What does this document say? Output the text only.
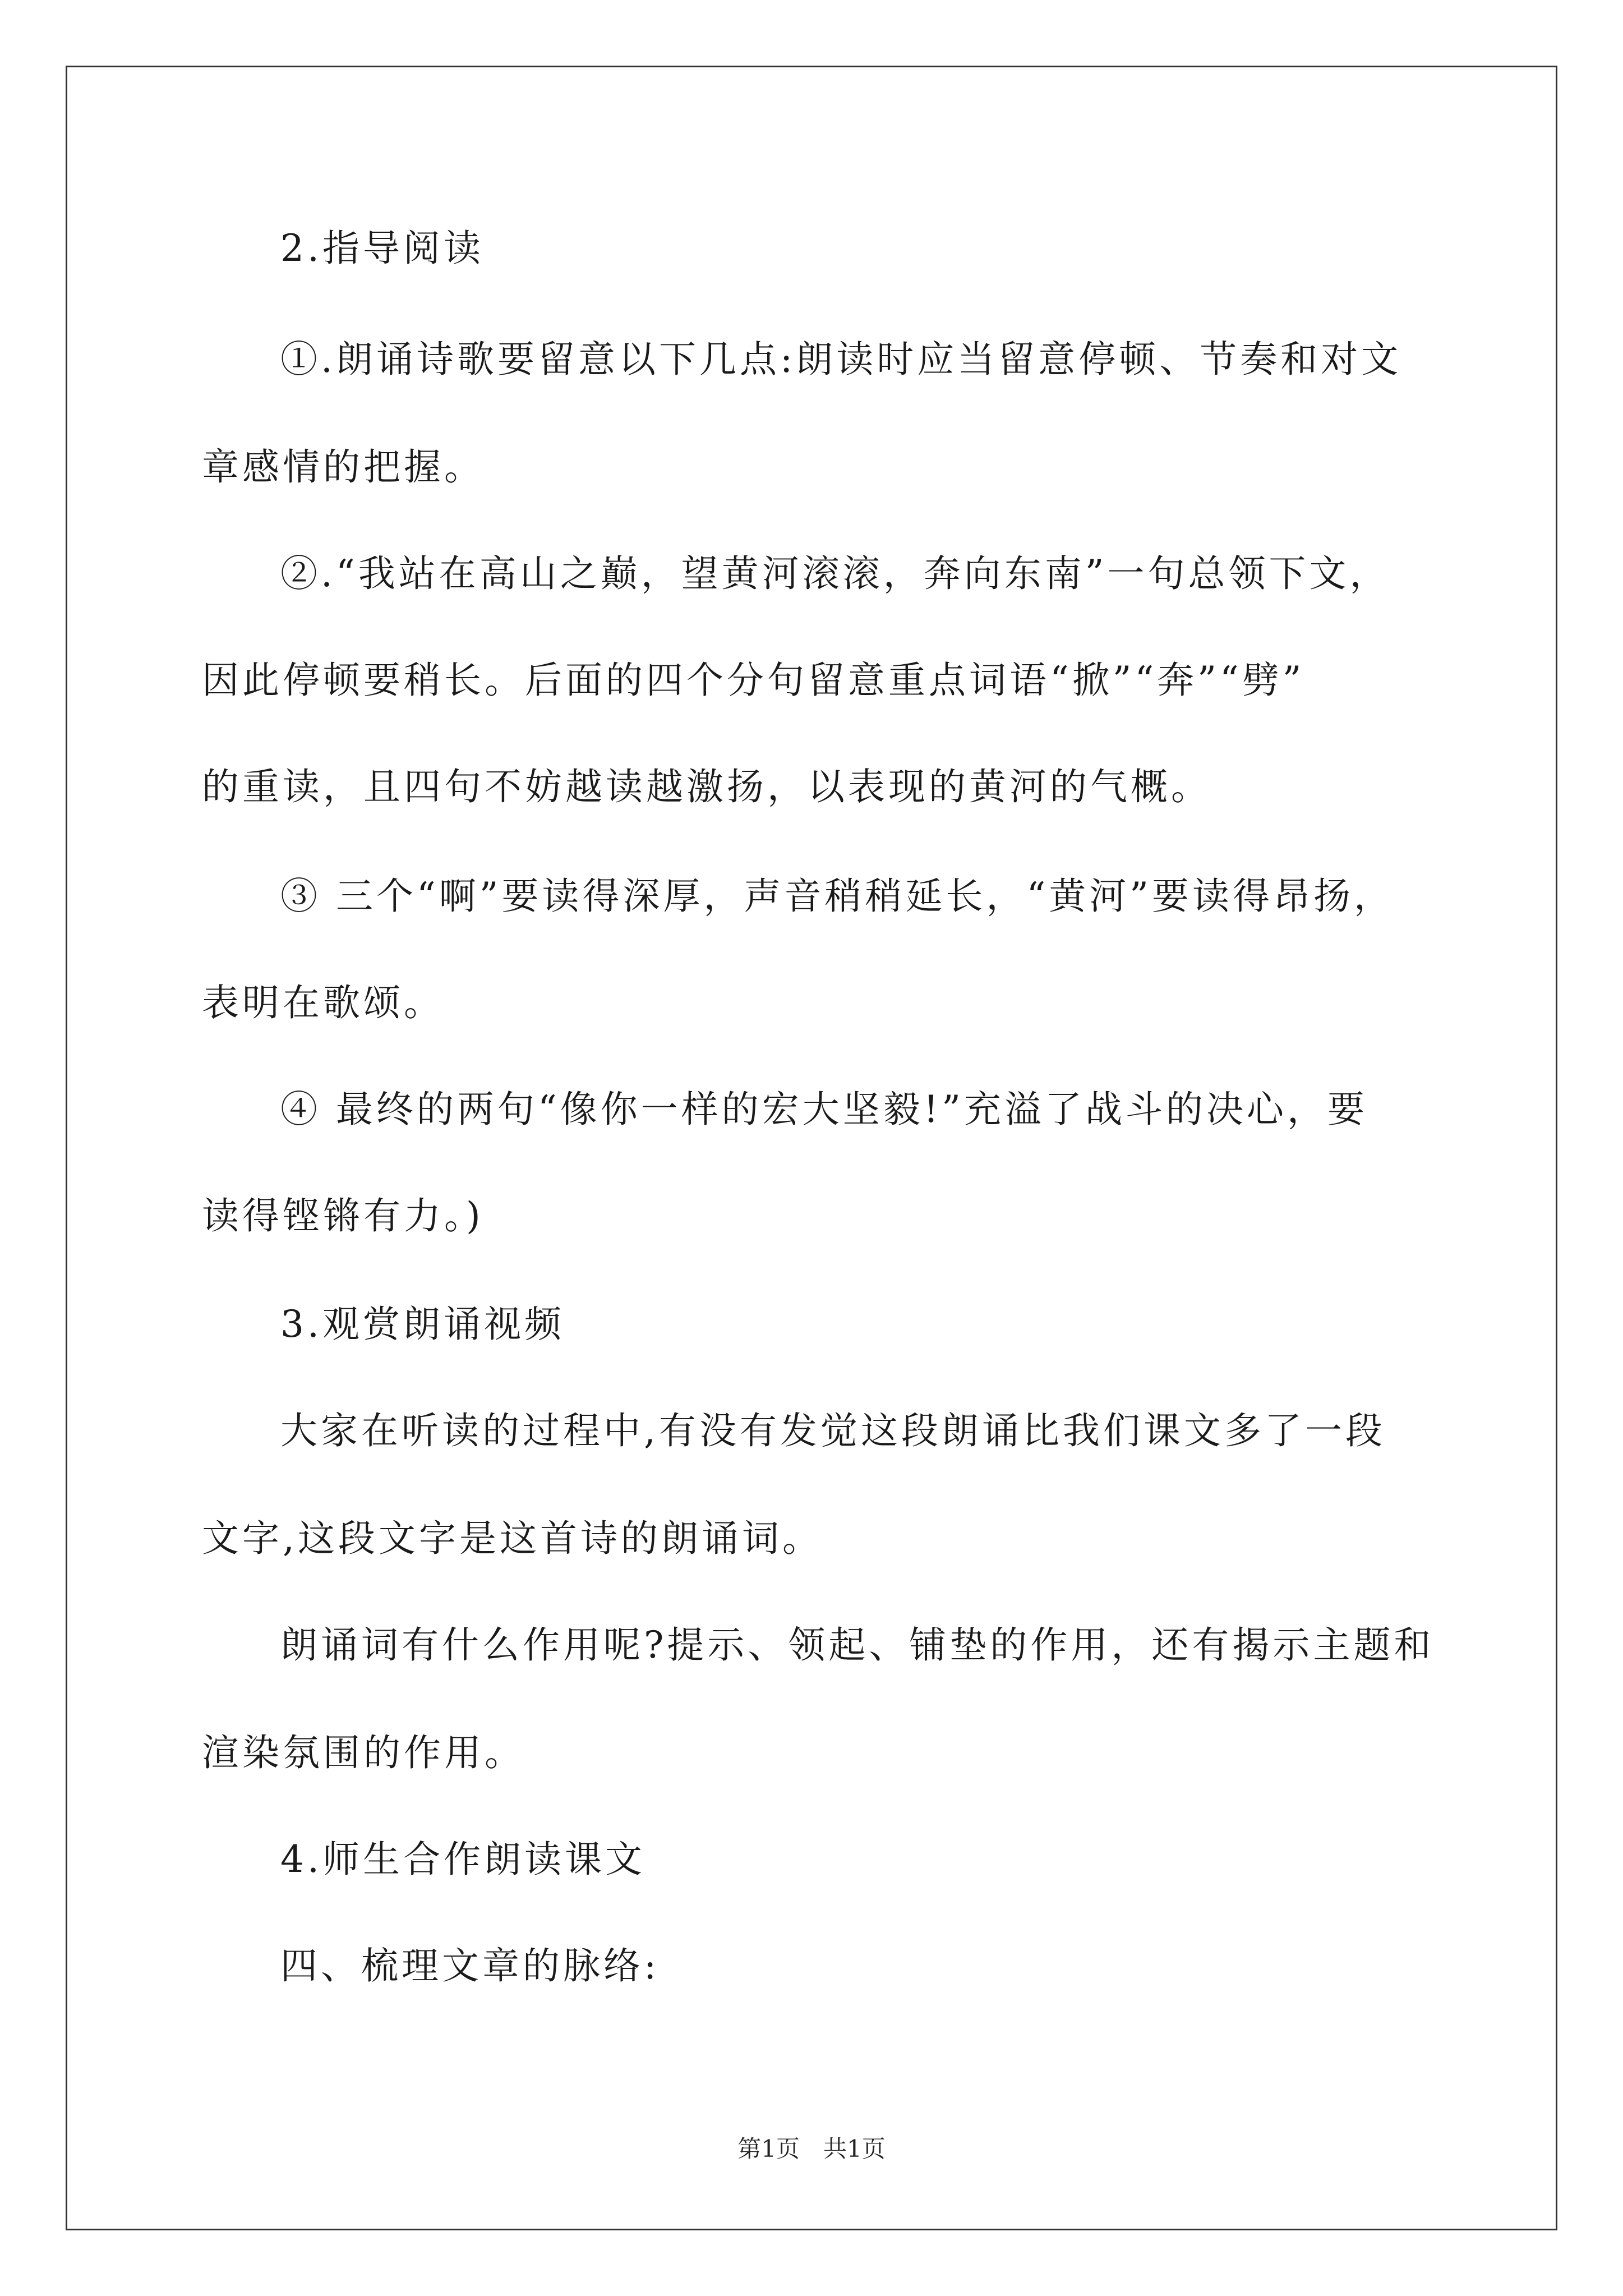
2.指导阅读
①.朗诵诗歌要留意以下几点:朗读时应当留意停顿、节奏和对文
章感情的把握。
②.“我站在高山之巅，望黄河滚滚，奔向东南”一句总领下文，
因此停顿要稍长。后面的四个分句留意重点词语“掀”“奔”“劈”
的重读，且四句不妨越读越激扬，以表现的黄河的气概。
③ 三个“啊”要读得深厚，声音稍稍延长，“黄河”要读得昂扬，
表明在歌颂。
④ 最终的两句“像你一样的宏大坚毅!”充溢了战斗的决心，要
读得铿锵有力。)
3.观赏朗诵视频
大家在听读的过程中,有没有发觉这段朗诵比我们课文多了一段
文字,这段文字是这首诗的朗诵词。
朗诵词有什么作用呢?提示、领起、铺垫的作用，还有揭示主题和
渲染氛围的作用。
4.师生合作朗读课文
四、梳理文章的脉络:
第1页　共1页
